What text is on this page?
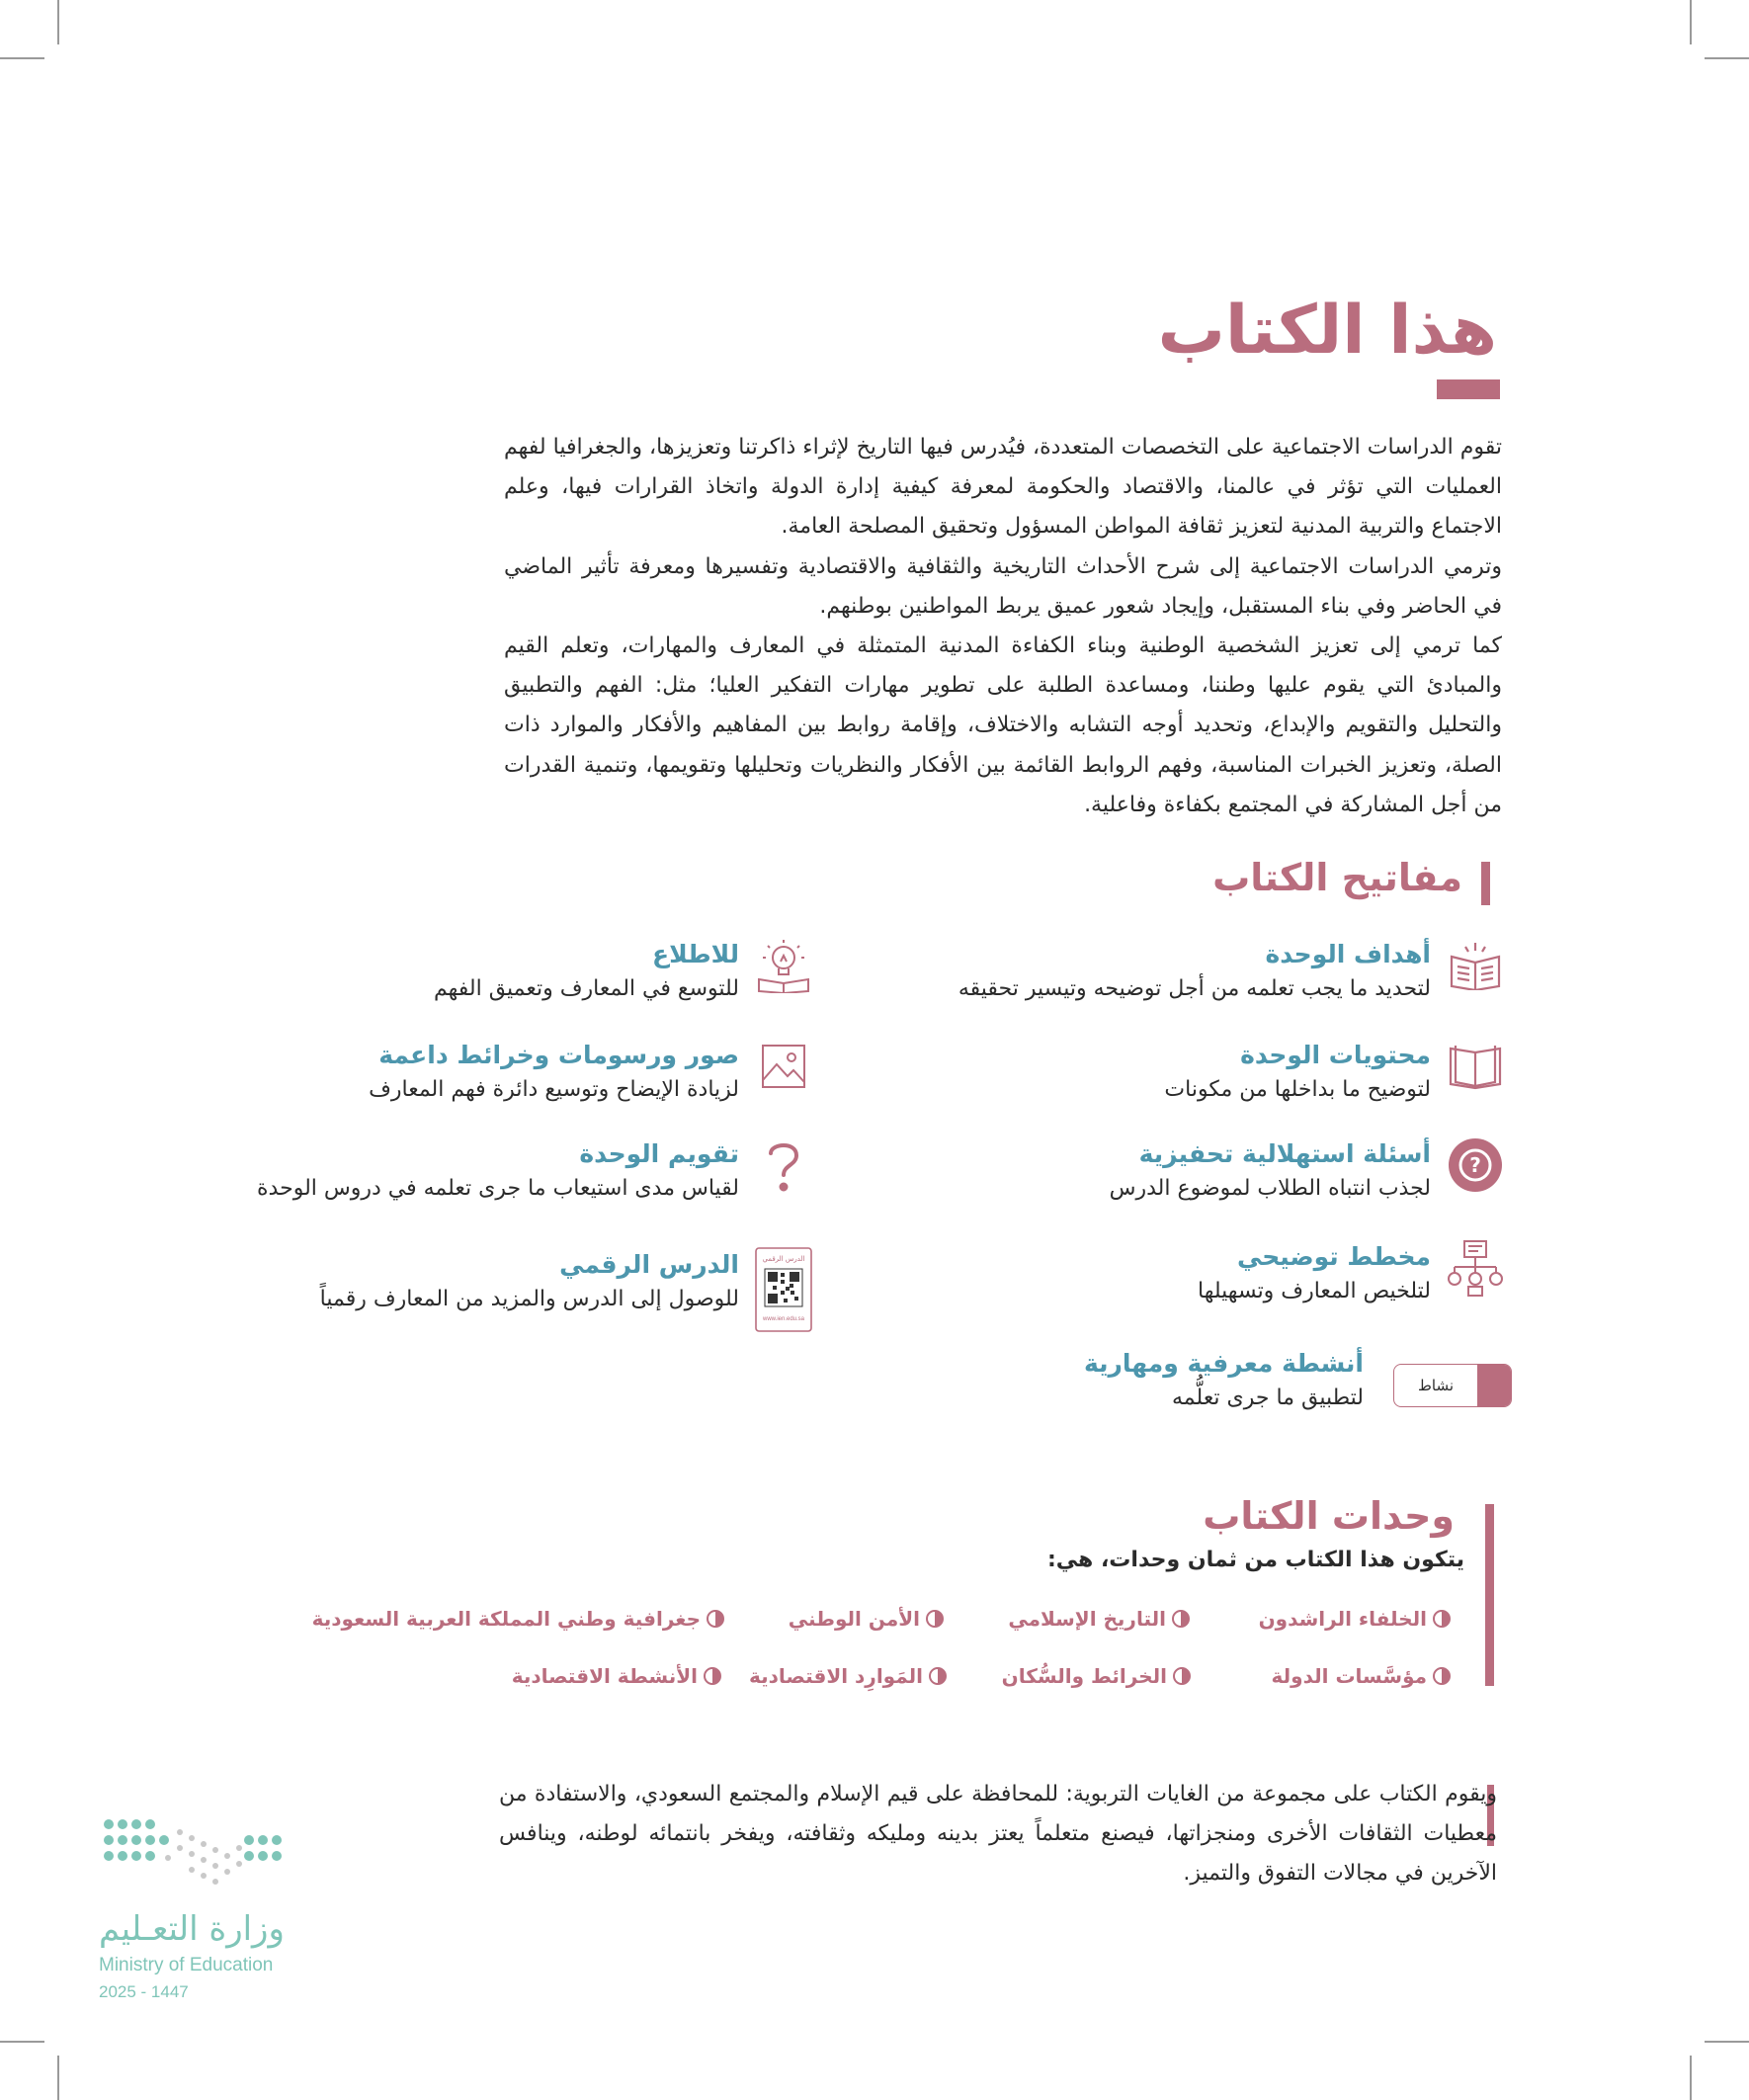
هذا الكتاب

تقوم الدراسات الاجتماعية على التخصصات المتعددة، فيُدرس فيها التاريخ لإثراء ذاكرتنا وتعزيزها، والجغرافيا لفهم العمليات التي تؤثر في عالمنا، والاقتصاد والحكومة لمعرفة كيفية إدارة الدولة واتخاذ القرارات فيها، وعلم الاجتماع والتربية المدنية لتعزيز ثقافة المواطن المسؤول وتحقيق المصلحة العامة.

وترمي الدراسات الاجتماعية إلى شرح الأحداث التاريخية والثقافية والاقتصادية وتفسيرها ومعرفة تأثير الماضي في الحاضر وفي بناء المستقبل، وإيجاد شعور عميق يربط المواطنين بوطنهم.

كما ترمي إلى تعزيز الشخصية الوطنية وبناء الكفاءة المدنية المتمثلة في المعارف والمهارات، وتعلم القيم والمبادئ التي يقوم عليها وطننا، ومساعدة الطلبة على تطوير مهارات التفكير العليا؛ مثل: الفهم والتطبيق والتحليل والتقويم والإبداع، وتحديد أوجه التشابه والاختلاف، وإقامة روابط بين المفاهيم والأفكار والموارد ذات الصلة، وتعزيز الخبرات المناسبة، وفهم الروابط القائمة بين الأفكار والنظريات وتحليلها وتقويمها، وتنمية القدرات من أجل المشاركة في المجتمع بكفاءة وفاعلية.

مفاتيح الكتاب
أهداف الوحدة
لتحديد ما يجب تعلمه من أجل توضيحه وتيسير تحقيقه
محتويات الوحدة
لتوضيح ما بداخلها من مكونات
?
أسئلة استهلالية تحفيزية
لجذب انتباه الطلاب لموضوع الدرس
مخطط توضيحي
لتلخيص المعارف وتسهيلها
أنشطة معرفية ومهارية
لتطبيق ما جرى تعلُّمه	نشاط
للاطلاع
للتوسع في المعارف وتعميق الفهم
صور ورسومات وخرائط داعمة
لزيادة الإيضاح وتوسيع دائرة فهم المعارف
تقويم الوحدة
لقياس مدى استيعاب ما جرى تعلمه في دروس الوحدة
الدرس الرقمي
www.ien.edu.sa
الدرس الرقمي
للوصول إلى الدرس والمزيد من المعارف رقمياً
وحدات الكتاب
يتكون هذا الكتاب من ثمان وحدات، هي:
الخلفاء الراشدون
التاريخ الإسلامي
الأمن الوطني
جغرافية وطني المملكة العربية السعودية
مؤسَّسات الدولة
الخرائط والسُّكان
المَوارِد الاقتصادية
الأنشطة الاقتصادية

ويقوم الكتاب على مجموعة من الغايات التربوية: للمحافظة على قيم الإسلام والمجتمع السعودي، والاستفادة من معطيات الثقافات الأخرى ومنجزاتها، فيصنع متعلماً يعتز بدينه ومليكه وثقافته، ويفخر بانتمائه لوطنه، وينافس الآخرين في مجالات التفوق والتميز.

وزارة التعـليم
Ministry of Education
2025 - 1447
